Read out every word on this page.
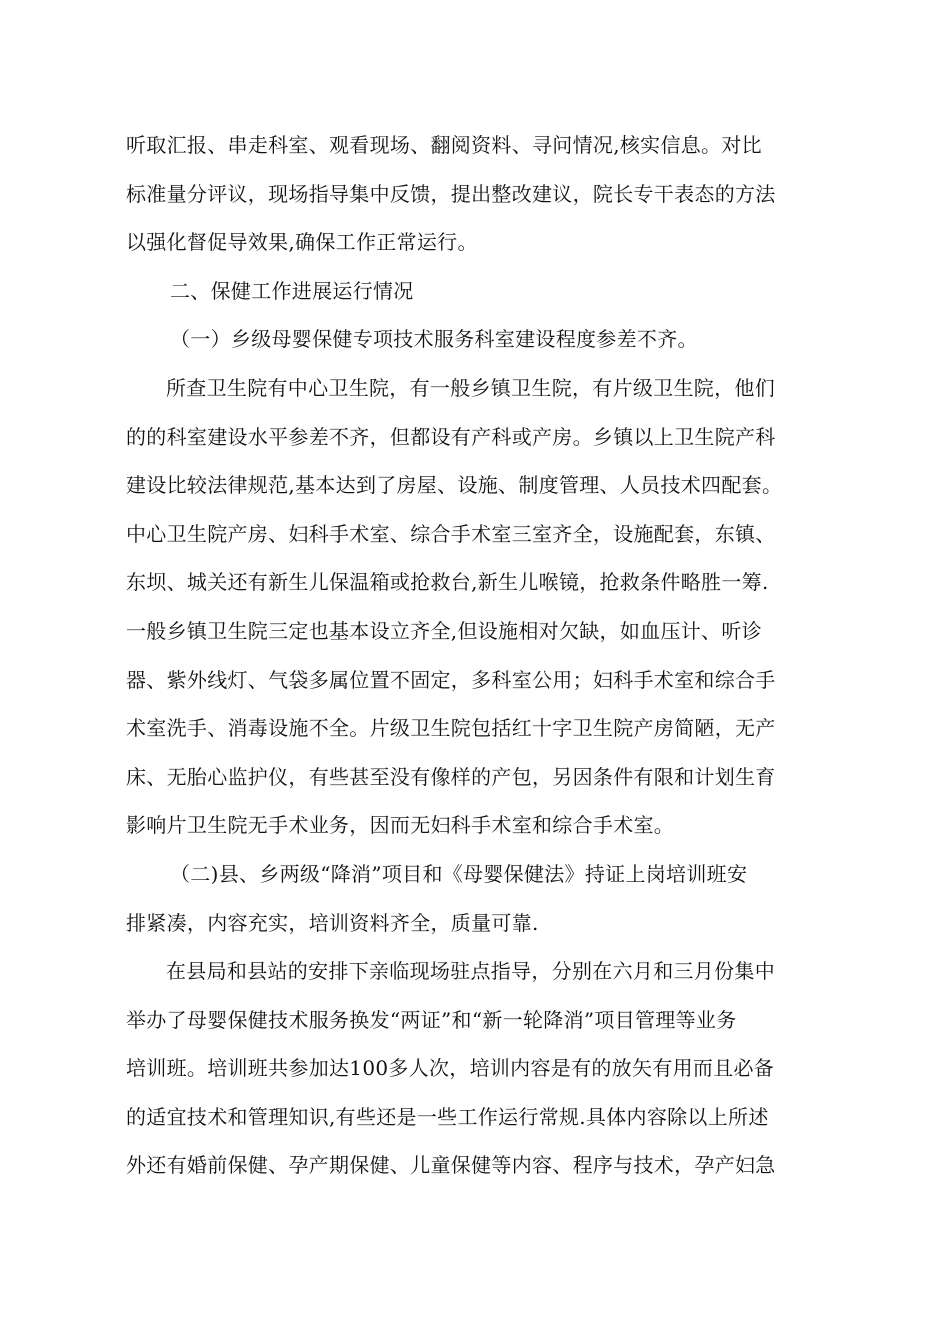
听取汇报、串走科室、观看现场、翻阅资料、寻问情况,核实信息。对比
标准量分评议，现场指导集中反馈，提出整改建议，院长专干表态的方法
以强化督促导效果,确保工作正常运行。
二、保健工作进展运行情况
（一）乡级母婴保健专项技术服务科室建设程度参差不齐。
所查卫生院有中心卫生院，有一般乡镇卫生院，有片级卫生院，他们
的的科室建设水平参差不齐，但都设有产科或产房。乡镇以上卫生院产科
建设比较法律规范,基本达到了房屋、设施、制度管理、人员技术四配套。
中心卫生院产房、妇科手术室、综合手术室三室齐全，设施配套，东镇、
东坝、城关还有新生儿保温箱或抢救台,新生儿喉镜，抢救条件略胜一筹.
一般乡镇卫生院三定也基本设立齐全,但设施相对欠缺，如血压计、听诊
器、紫外线灯、气袋多属位置不固定，多科室公用；妇科手术室和综合手
术室洗手、消毒设施不全。片级卫生院包括红十字卫生院产房简陋，无产
床、无胎心监护仪，有些甚至没有像样的产包，另因条件有限和计划生育
影响片卫生院无手术业务，因而无妇科手术室和综合手术室。
（二)县、乡两级“降消”项目和《母婴保健法》持证上岗培训班安
排紧凑，内容充实，培训资料齐全，质量可靠.
在县局和县站的安排下亲临现场驻点指导，分别在六月和三月份集中
举办了母婴保健技术服务换发“两证”和“新一轮降消”项目管理等业务
培训班。培训班共参加达100多人次，培训内容是有的放矢有用而且必备
的适宜技术和管理知识,有些还是一些工作运行常规.具体内容除以上所述
外还有婚前保健、孕产期保健、儿童保健等内容、程序与技术，孕产妇急
